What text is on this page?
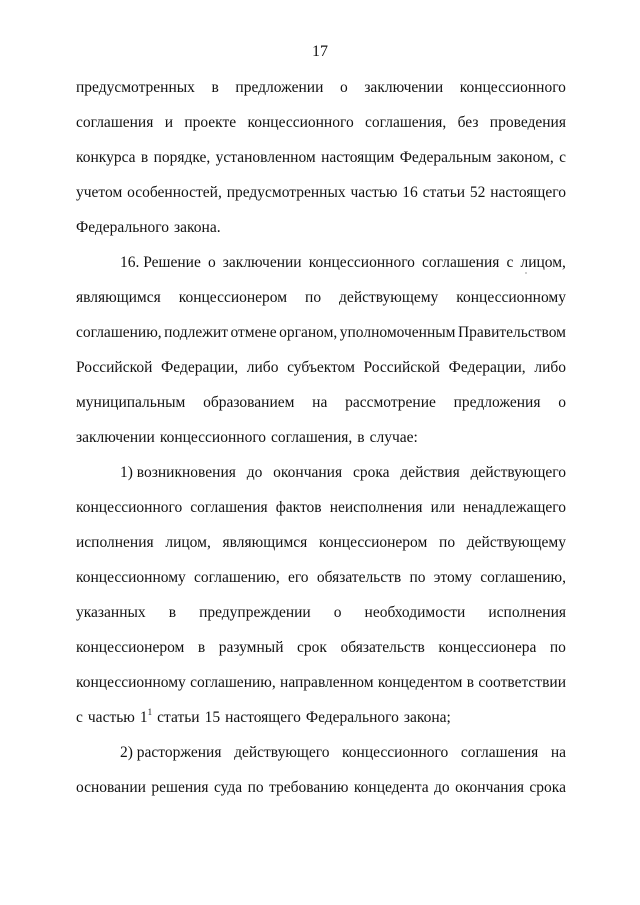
17
предусмотренных в предложении о заключении концессионного
соглашения и проекте концессионного соглашения, без проведения
конкурса в порядке, установленном настоящим Федеральным законом, с
учетом особенностей, предусмотренных частью 16 статьи 52 настоящего
Федерального закона.
16. Решение о заключении концессионного соглашения с лицом,
являющимся концессионером по действующему концессионному
соглашению, подлежит отмене органом, уполномоченным Правительством
Российской Федерации, либо субъектом Российской Федерации, либо
муниципальным образованием на рассмотрение предложения о
заключении концессионного соглашения, в случае:
1) возникновения до окончания срока действия действующего
концессионного соглашения фактов неисполнения или ненадлежащего
исполнения лицом, являющимся концессионером по действующему
концессионному соглашению, его обязательств по этому соглашению,
указанных в предупреждении о необходимости исполнения
концессионером в разумный срок обязательств концессионера по
концессионному соглашению, направленном концедентом в соответствии
с частью $1^1$ статьи 15 настоящего Федерального закона;
2) расторжения действующего концессионного соглашения на
основании решения суда по требованию концедента до окончания срока
